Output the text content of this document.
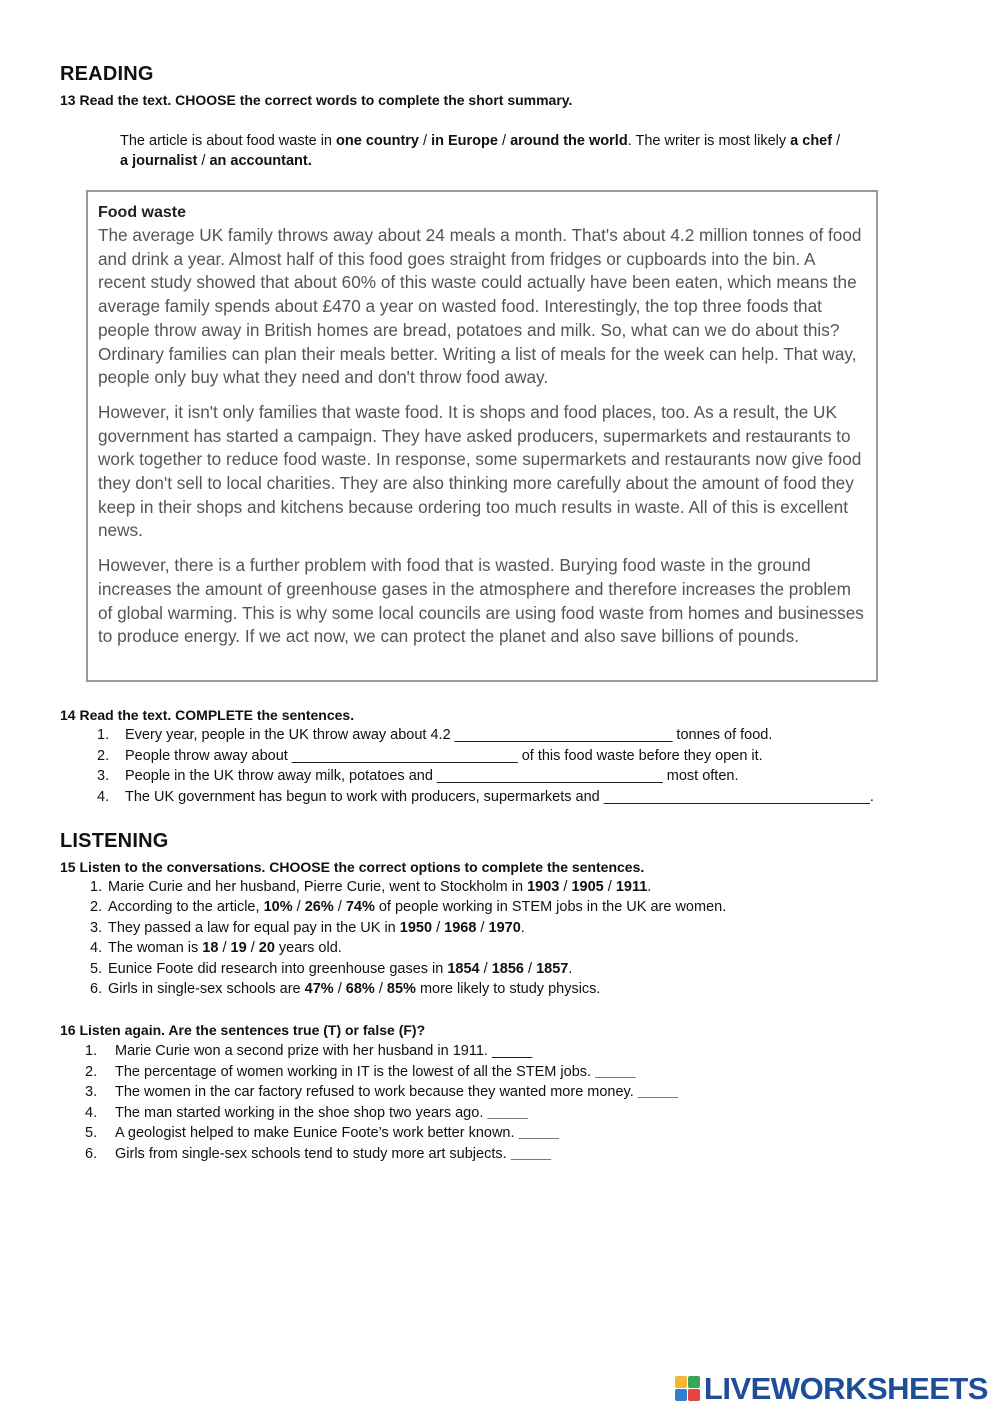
READING
13 Read the text. CHOOSE the correct words to complete the short summary.
The article is about food waste in one country / in Europe / around the world. The writer is most likely a chef /
a journalist / an accountant.
Food waste

The average UK family throws away about 24 meals a month. That's about 4.2 million tonnes of food and drink a year. Almost half of this food goes straight from fridges or cupboards into the bin. A recent study showed that about 60% of this waste could actually have been eaten, which means the average family spends about £470 a year on wasted food. Interestingly, the top three foods that people throw away in British homes are bread, potatoes and milk. So, what can we do about this? Ordinary families can plan their meals better. Writing a list of meals for the week can help. That way, people only buy what they need and don't throw food away.

However, it isn't only families that waste food. It is shops and food places, too. As a result, the UK government has started a campaign. They have asked producers, supermarkets and restaurants to work together to reduce food waste. In response, some supermarkets and restaurants now give food they don't sell to local charities. They are also thinking more carefully about the amount of food they keep in their shops and kitchens because ordering too much results in waste. All of this is excellent news.

However, there is a further problem with food that is wasted. Burying food waste in the ground increases the amount of greenhouse gases in the atmosphere and therefore increases the problem of global warming. This is why some local councils are using food waste from homes and businesses to produce energy. If we act now, we can protect the planet and also save billions of pounds.

14 Read the text. COMPLETE the sentences.
1. Every year, people in the UK throw away about 4.2 ___________________________ tonnes of food.
2. People throw away about ____________________________ of this food waste before they open it.
3. People in the UK throw away milk, potatoes and ____________________________ most often.
4. The UK government has begun to work with producers, supermarkets and _________________________________.
LISTENING
15 Listen to the conversations. CHOOSE the correct options to complete the sentences.
1. Marie Curie and her husband, Pierre Curie, went to Stockholm in 1903 / 1905 / 1911.
2. According to the article, 10% / 26% / 74% of people working in STEM jobs in the UK are women.
3. They passed a law for equal pay in the UK in 1950 / 1968 / 1970.
4. The woman is 18 / 19 / 20 years old.
5. Eunice Foote did research into greenhouse gases in 1854 / 1856 / 1857.
6. Girls in single-sex schools are 47% / 68% / 85% more likely to study physics.
16 Listen again. Are the sentences true (T) or false (F)?
1. Marie Curie won a second prize with her husband in 1911. _____
2. The percentage of women working in IT is the lowest of all the STEM jobs. _____
3. The women in the car factory refused to work because they wanted more money. _____
4. The man started working in the shoe shop two years ago. _____
5. A geologist helped to make Eunice Foote’s work better known. _____
6. Girls from single-sex schools tend to study more art subjects. _____
LIVEWORKSHEETS
